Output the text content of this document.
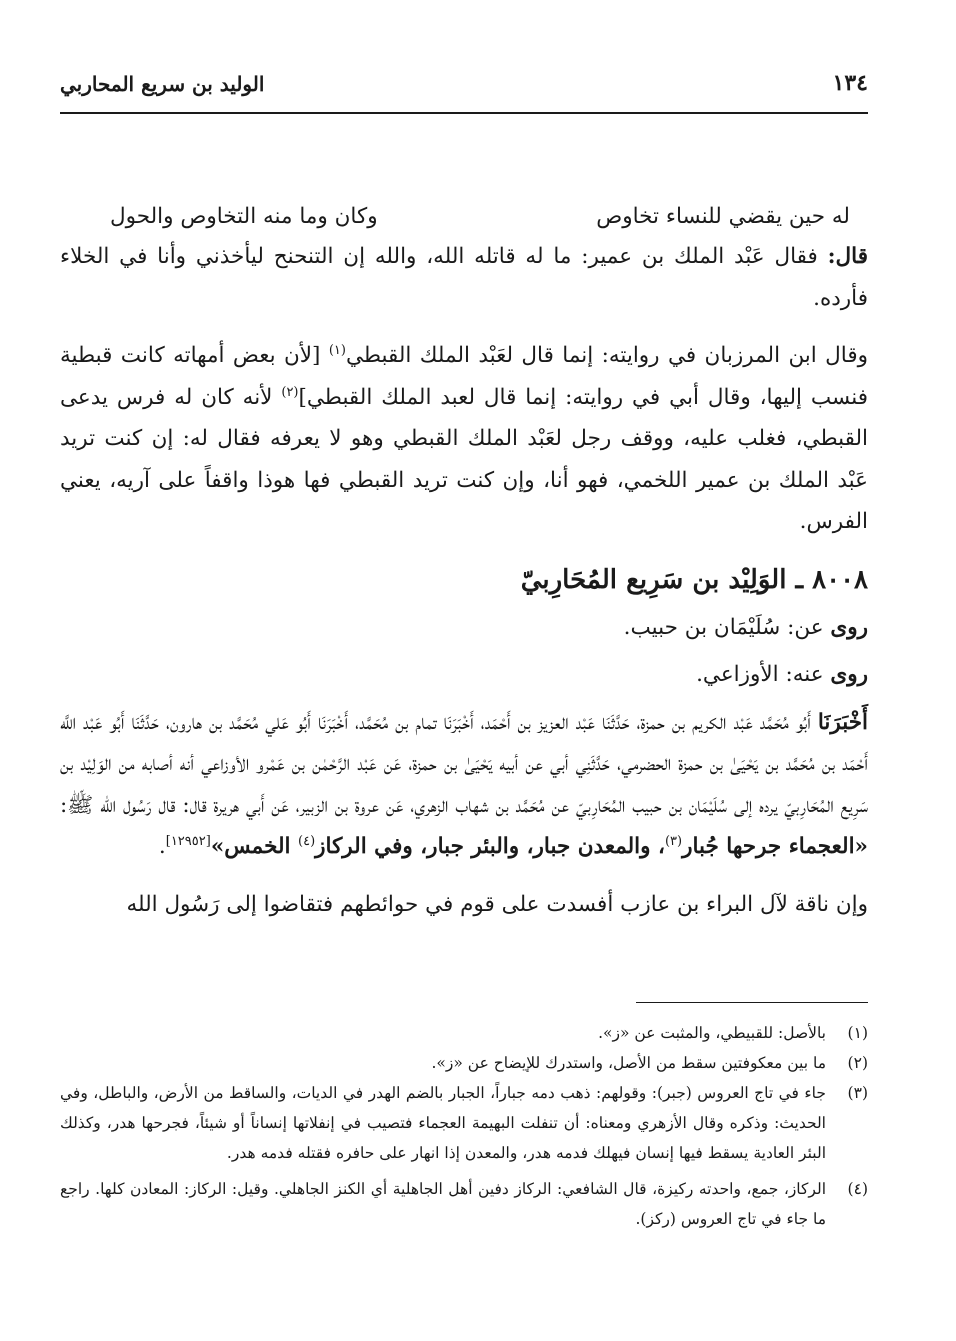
١٣٤
الوليد بن سريع المحاربي
له حين يقضي للنساء تخاوص
وكان وما منه التخاوص والحول

قال: فقال عَبْد الملك بن عمير: ما له قاتله الله، والله إن التنحنح ليأخذني وأنا في الخلاء فأرده.

وقال ابن المرزبان في روايته: إنما قال لعَبْد الملك القبطي$^{(١)}$ [لأن بعض أمهاته كانت قبطية فنسب إليها، وقال أبي في روايته: إنما قال لعبد الملك القبطي]$^{(٢)}$ لأنه كان له فرس يدعى القبطي، فغلب عليه، ووقف رجل لعَبْد الملك القبطي وهو لا يعرفه فقال له: إن كنت تريد عَبْد الملك بن عمير اللخمي، فهو أنا، وإن كنت تريد القبطي فها هوذا واقفاً على آريه، يعني الفرس.

٨٠٠٨ ـ الوَلِيْد بن سَرِيع المُحَارِبيّ

روى عن: سُلَيْمَان بن حبيب.

روى عنه: الأوزاعي.

أَخْبَرَنَا أَبُو مُحَمَّد عَبْد الكريم بن حمزة، حَدَّثَنَا عَبْد العزيز بن أَحْمَد، أَخْبَرَنَا تمام بن مُحَمَّد، أَخْبَرَنَا أَبُو عَلي مُحَمَّد بن هارون، حَدَّثَنَا أَبُو عَبْد اللَّه أَحْمَد بن مُحَمَّد بن يَحْيَىٰ بن حمزة الحضرمي، حَدَّثَنِي أبي عن أبيه يَحْيَىٰ بن حمزة، عَن عَبْد الرَّحْمٰن بن عَمْرو الأوزاعي أنه أصابه من الوَلِيْد بن سَرِيع المُحَارِبيّ يرده إلى سُلَيْمَان بن حبيب المُحَارِبيّ عن مُحَمَّد بن شهاب الزهري، عَن عروة بن الزبير، عَن أَبي هريرة قال: قال رَسُول الله ﷺ: «العجماء جرحها جُبار$^{(٣)}$، والمعدن جبار، والبئر جبار، وفي الركاز$^{(٤)}$ الخمس»[١٢٩٥٢].

وإن ناقة لآل البراء بن عازب أفسدت على قوم في حوائطهم فتقاضوا إلى رَسُول الله

(١)
بالأصل: للقبيطي، والمثبت عن «ز».
(٢)
ما بين معكوفتين سقط من الأصل، واستدرك للإيضاح عن «ز».
(٣)
جاء في تاج العروس (جبر): وقولهم: ذهب دمه جباراً، الجبار بالضم الهدر في الديات، والساقط من الأرض، والباطل، وفي الحديث: وذكره وقال الأزهري ومعناه: أن تنفلت البهيمة العجماء فتصيب في إنفلاتها إنساناً أو شيئاً، فجرحها هدر، وكذلك البئر العادية يسقط فيها إنسان فيهلك فدمه هدر، والمعدن إذا انهار على حافره فقتله فدمه هدر.
(٤)
الركاز، جمع، واحدته ركيزة، قال الشافعي: الركاز دفين أهل الجاهلية أي الكنز الجاهلي. وقيل: الركاز: المعادن كلها. راجع ما جاء في تاج العروس (ركز).
